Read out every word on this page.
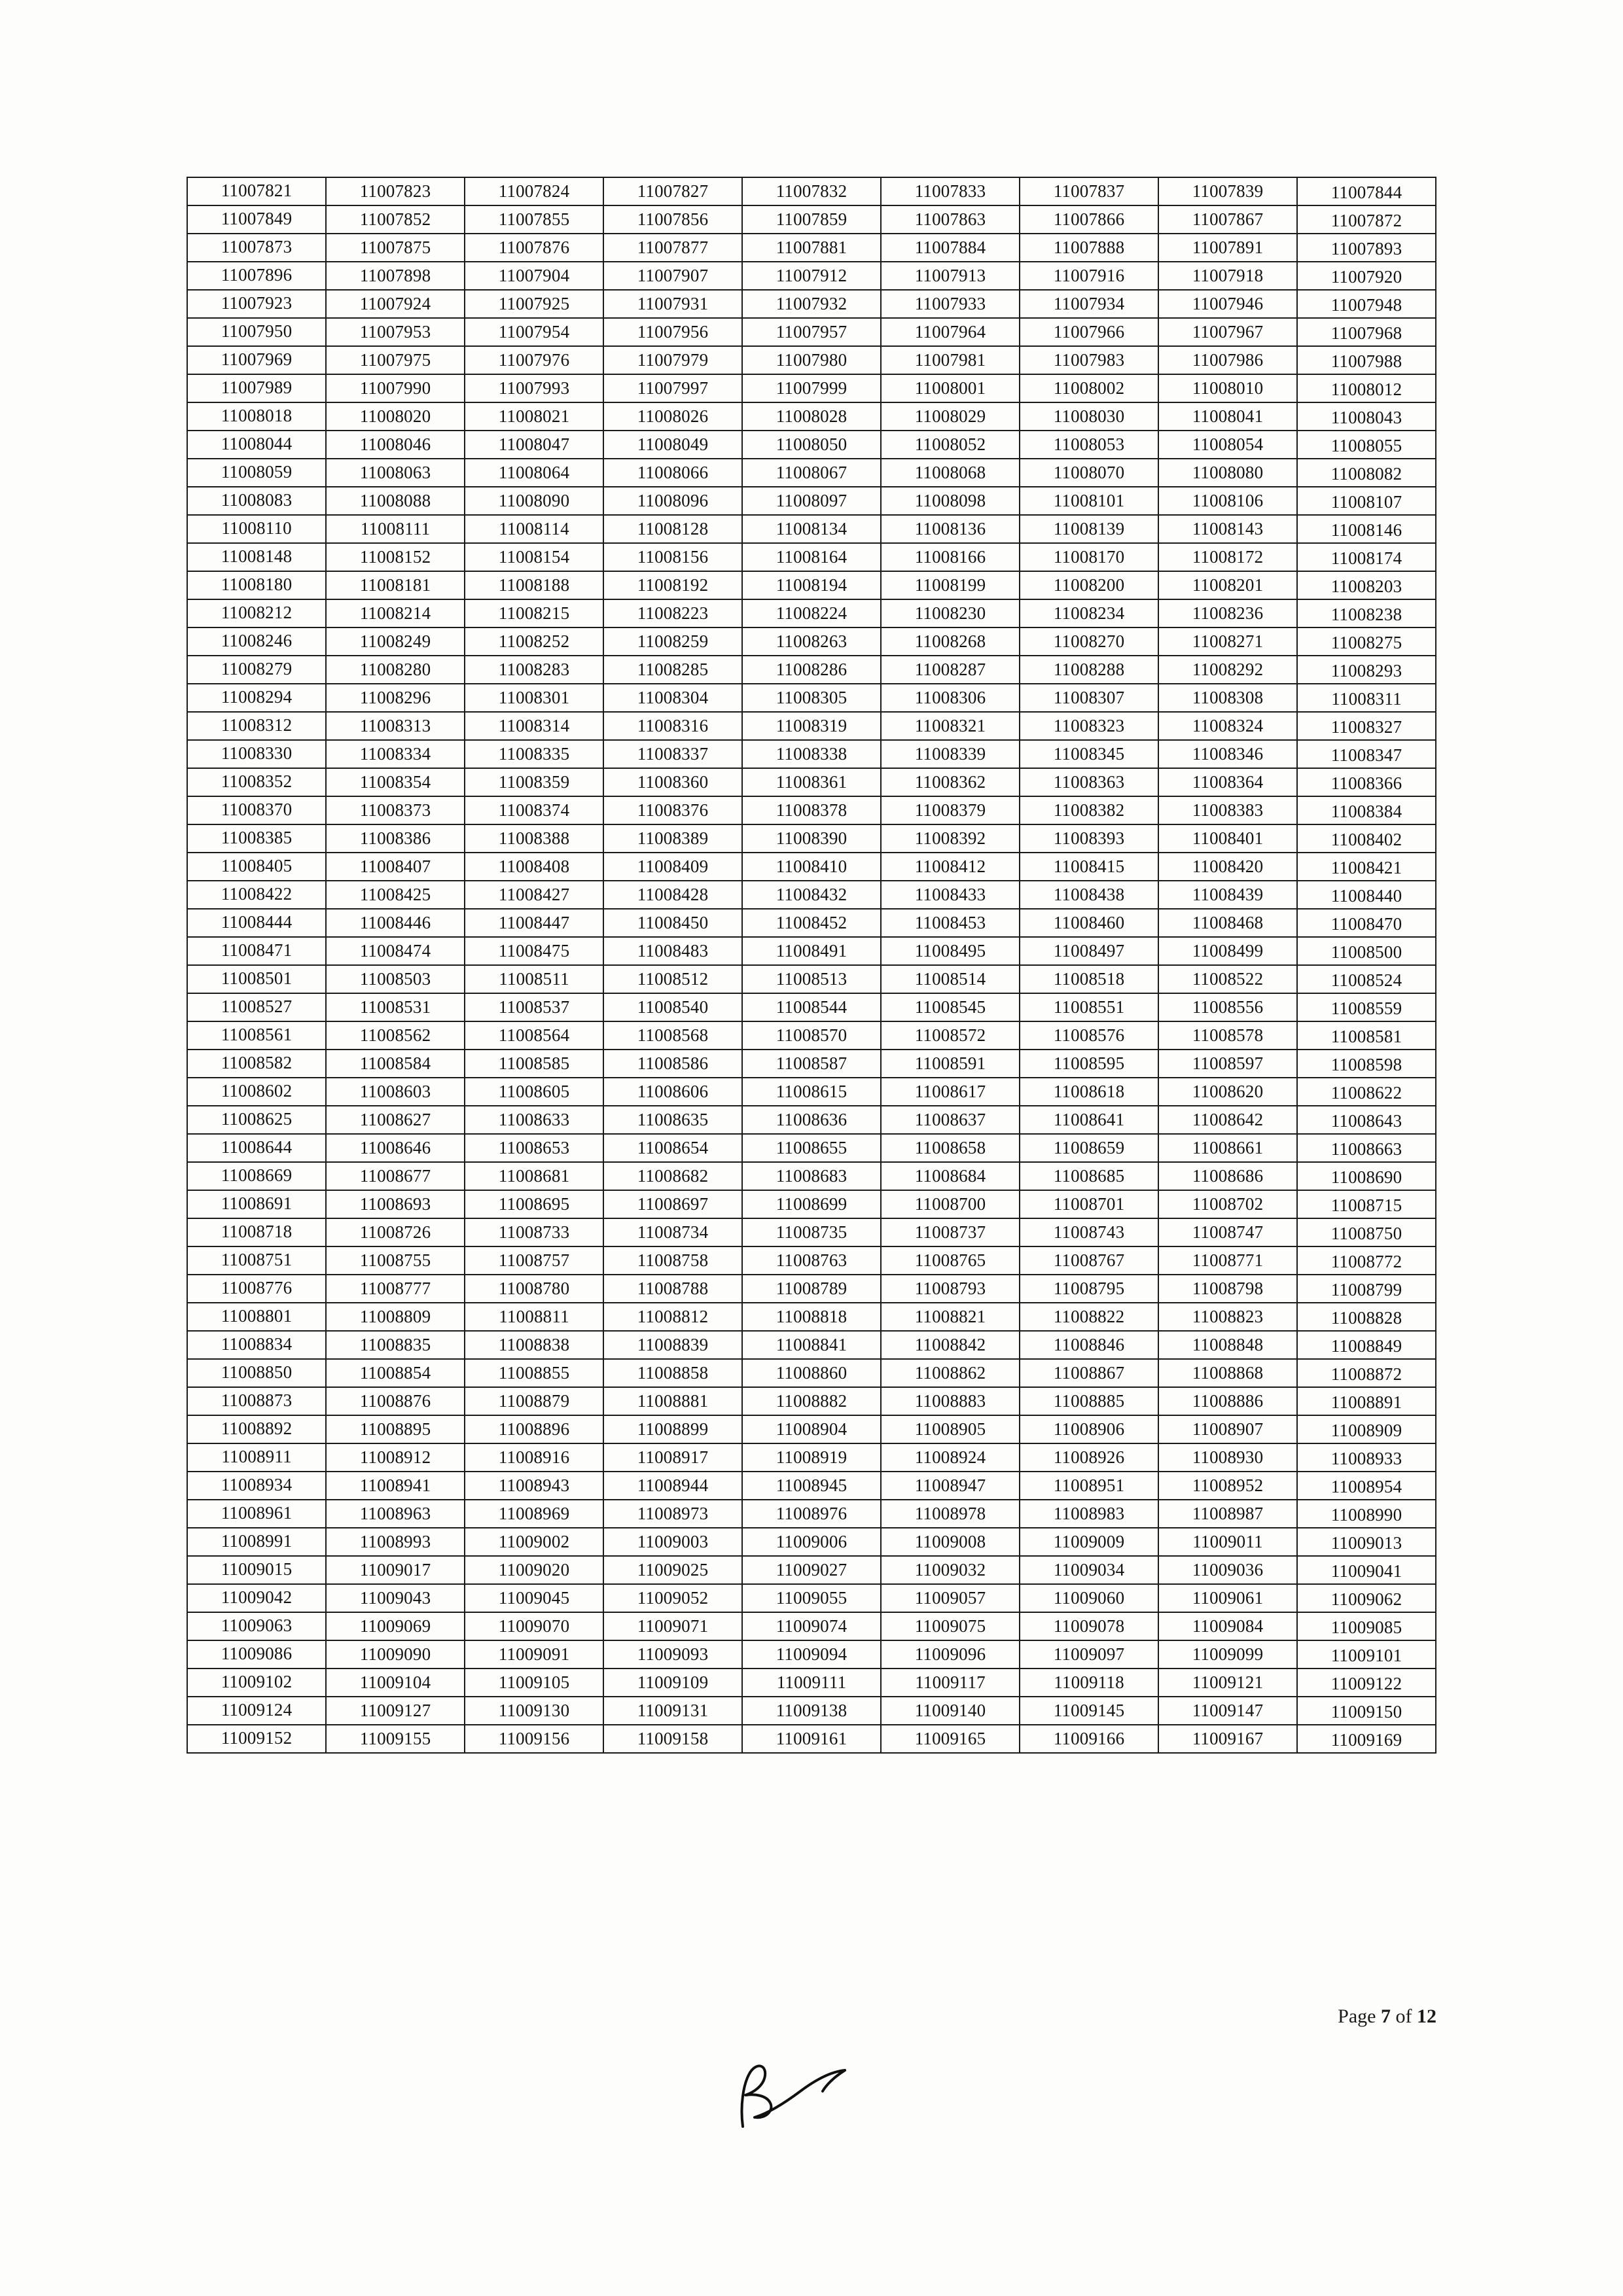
11007821	11007823	11007824	11007827	11007832	11007833	11007837	11007839	11007844
11007849	11007852	11007855	11007856	11007859	11007863	11007866	11007867	11007872
11007873	11007875	11007876	11007877	11007881	11007884	11007888	11007891	11007893
11007896	11007898	11007904	11007907	11007912	11007913	11007916	11007918	11007920
11007923	11007924	11007925	11007931	11007932	11007933	11007934	11007946	11007948
11007950	11007953	11007954	11007956	11007957	11007964	11007966	11007967	11007968
11007969	11007975	11007976	11007979	11007980	11007981	11007983	11007986	11007988
11007989	11007990	11007993	11007997	11007999	11008001	11008002	11008010	11008012
11008018	11008020	11008021	11008026	11008028	11008029	11008030	11008041	11008043
11008044	11008046	11008047	11008049	11008050	11008052	11008053	11008054	11008055
11008059	11008063	11008064	11008066	11008067	11008068	11008070	11008080	11008082
11008083	11008088	11008090	11008096	11008097	11008098	11008101	11008106	11008107
11008110	11008111	11008114	11008128	11008134	11008136	11008139	11008143	11008146
11008148	11008152	11008154	11008156	11008164	11008166	11008170	11008172	11008174
11008180	11008181	11008188	11008192	11008194	11008199	11008200	11008201	11008203
11008212	11008214	11008215	11008223	11008224	11008230	11008234	11008236	11008238
11008246	11008249	11008252	11008259	11008263	11008268	11008270	11008271	11008275
11008279	11008280	11008283	11008285	11008286	11008287	11008288	11008292	11008293
11008294	11008296	11008301	11008304	11008305	11008306	11008307	11008308	11008311
11008312	11008313	11008314	11008316	11008319	11008321	11008323	11008324	11008327
11008330	11008334	11008335	11008337	11008338	11008339	11008345	11008346	11008347
11008352	11008354	11008359	11008360	11008361	11008362	11008363	11008364	11008366
11008370	11008373	11008374	11008376	11008378	11008379	11008382	11008383	11008384
11008385	11008386	11008388	11008389	11008390	11008392	11008393	11008401	11008402
11008405	11008407	11008408	11008409	11008410	11008412	11008415	11008420	11008421
11008422	11008425	11008427	11008428	11008432	11008433	11008438	11008439	11008440
11008444	11008446	11008447	11008450	11008452	11008453	11008460	11008468	11008470
11008471	11008474	11008475	11008483	11008491	11008495	11008497	11008499	11008500
11008501	11008503	11008511	11008512	11008513	11008514	11008518	11008522	11008524
11008527	11008531	11008537	11008540	11008544	11008545	11008551	11008556	11008559
11008561	11008562	11008564	11008568	11008570	11008572	11008576	11008578	11008581
11008582	11008584	11008585	11008586	11008587	11008591	11008595	11008597	11008598
11008602	11008603	11008605	11008606	11008615	11008617	11008618	11008620	11008622
11008625	11008627	11008633	11008635	11008636	11008637	11008641	11008642	11008643
11008644	11008646	11008653	11008654	11008655	11008658	11008659	11008661	11008663
11008669	11008677	11008681	11008682	11008683	11008684	11008685	11008686	11008690
11008691	11008693	11008695	11008697	11008699	11008700	11008701	11008702	11008715
11008718	11008726	11008733	11008734	11008735	11008737	11008743	11008747	11008750
11008751	11008755	11008757	11008758	11008763	11008765	11008767	11008771	11008772
11008776	11008777	11008780	11008788	11008789	11008793	11008795	11008798	11008799
11008801	11008809	11008811	11008812	11008818	11008821	11008822	11008823	11008828
11008834	11008835	11008838	11008839	11008841	11008842	11008846	11008848	11008849
11008850	11008854	11008855	11008858	11008860	11008862	11008867	11008868	11008872
11008873	11008876	11008879	11008881	11008882	11008883	11008885	11008886	11008891
11008892	11008895	11008896	11008899	11008904	11008905	11008906	11008907	11008909
11008911	11008912	11008916	11008917	11008919	11008924	11008926	11008930	11008933
11008934	11008941	11008943	11008944	11008945	11008947	11008951	11008952	11008954
11008961	11008963	11008969	11008973	11008976	11008978	11008983	11008987	11008990
11008991	11008993	11009002	11009003	11009006	11009008	11009009	11009011	11009013
11009015	11009017	11009020	11009025	11009027	11009032	11009034	11009036	11009041
11009042	11009043	11009045	11009052	11009055	11009057	11009060	11009061	11009062
11009063	11009069	11009070	11009071	11009074	11009075	11009078	11009084	11009085
11009086	11009090	11009091	11009093	11009094	11009096	11009097	11009099	11009101
11009102	11009104	11009105	11009109	11009111	11009117	11009118	11009121	11009122
11009124	11009127	11009130	11009131	11009138	11009140	11009145	11009147	11009150
11009152	11009155	11009156	11009158	11009161	11009165	11009166	11009167	11009169
Page 7 of 12
